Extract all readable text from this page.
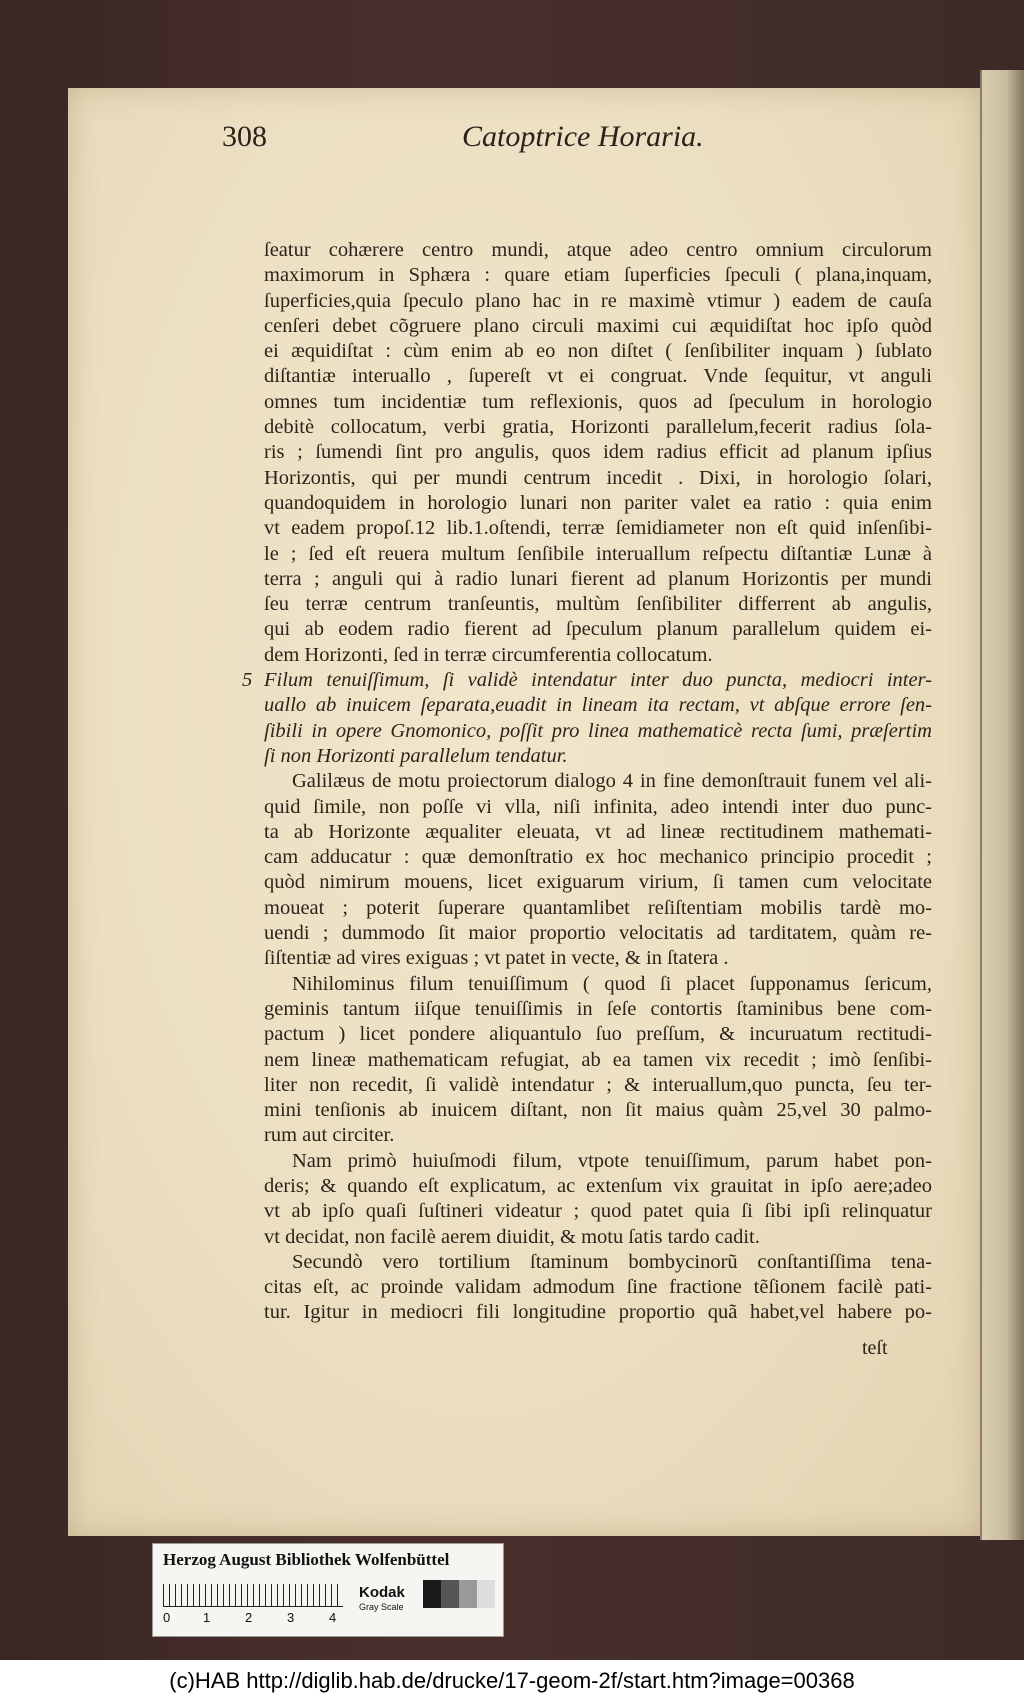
308	Catoptrice Horaria.
ſeatur cohærere centro mundi, atque adeo centro omnium circulorum
maximorum in Sphæra : quare etiam ſuperficies ſpeculi ( plana,inquam,
ſuperficies,quia ſpeculo plano hac in re maximè vtimur ) eadem de cauſa
cenſeri debet cõgruere plano circuli maximi cui æquidiſtat hoc ipſo quòd
ei æquidiſtat : cùm enim ab eo non diſtet ( ſenſibiliter inquam ) ſublato
diſtantiæ interuallo , ſupereſt vt ei congruat. Vnde ſequitur, vt anguli
omnes tum incidentiæ tum reflexionis, quos ad ſpeculum in horologio
debitè collocatum, verbi gratia, Horizonti parallelum,fecerit radius ſola-
ris ; ſumendi ſint pro angulis, quos idem radius efficit ad planum ipſius
Horizontis, qui per mundi centrum incedit . Dixi, in horologio ſolari,
quandoquidem in horologio lunari non pariter valet ea ratio : quia enim
vt eadem propoſ.12 lib.1.oſtendi, terræ ſemidiameter non eſt quid inſenſibi-
le ; ſed eſt reuera multum ſenſibile interuallum reſpectu diſtantiæ Lunæ à
terra ; anguli qui à radio lunari fierent ad planum Horizontis per mundi
ſeu terræ centrum tranſeuntis, multùm ſenſibiliter differrent ab angulis,
qui ab eodem radio fierent ad ſpeculum planum parallelum quidem ei-
dem Horizonti, ſed in terræ circumferentia collocatum.
5 Filum tenuiſſimum, ſi validè intendatur inter duo puncta, mediocri inter-
uallo ab inuicem ſeparata,euadit in lineam ita rectam, vt abſque errore ſen-
ſibili in opere Gnomonico, poſſit pro linea mathematicè recta ſumi, præſertim
ſi non Horizonti parallelum tendatur.
Galilæus de motu proiectorum dialogo 4 in fine demonſtrauit funem vel ali-
quid ſimile, non poſſe vi vlla, niſi infinita, adeo intendi inter duo punc-
ta ab Horizonte æqualiter eleuata, vt ad lineæ rectitudinem mathemati-
cam adducatur : quæ demonſtratio ex hoc mechanico principio procedit ;
quòd nimirum mouens, licet exiguarum virium, ſi tamen cum velocitate
moueat ; poterit ſuperare quantamlibet reſiſtentiam mobilis tardè mo-
uendi ; dummodo ſit maior proportio velocitatis ad tarditatem, quàm re-
ſiſtentiæ ad vires exiguas ; vt patet in vecte, & in ſtatera .
Nihilominus filum tenuiſſimum ( quod ſi placet ſupponamus ſericum,
geminis tantum iiſque tenuiſſimis in ſeſe contortis ſtaminibus bene com-
pactum ) licet pondere aliquantulo ſuo preſſum, & incuruatum rectitudi-
nem lineæ mathematicam refugiat, ab ea tamen vix recedit ; imò ſenſibi-
liter non recedit, ſi validè intendatur ; & interuallum,quo puncta, ſeu ter-
mini tenſionis ab inuicem diſtant, non ſit maius quàm 25,vel 30 palmo-
rum aut circiter.
Nam primò huiuſmodi filum, vtpote tenuiſſimum, parum habet pon-
deris; & quando eſt explicatum, ac extenſum vix grauitat in ipſo aere;adeo
vt ab ipſo quaſi ſuſtineri videatur ; quod patet quia ſi ſibi ipſi relinquatur
vt decidat, non facilè aerem diuidit, & motu ſatis tardo cadit.
Secundò vero tortilium ſtaminum bombycinorũ conſtantiſſima tena-
citas eſt, ac proinde validam admodum ſine fractione tẽſionem facilè pati-
tur. Igitur in mediocri fili longitudine proportio quã habet,vel habere po-
teſt
Herzog August Bibliothek Wolfenbüttel
0	1	2	3	4
Kodak
Gray Scale
(c)HAB http://diglib.hab.de/drucke/17-geom-2f/start.htm?image=00368
